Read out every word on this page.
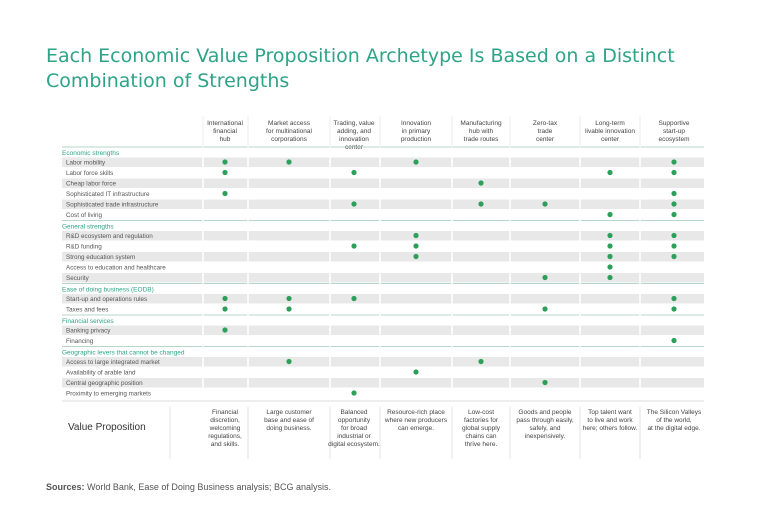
Each Economic Value Proposition Archetype Is Based on a Distinct Combination of Strengths
International financial hub
Market access for multinational corporations
Trading, value adding, and innovation center
Innovation in primary production
Manufacturing hub with trade routes
Zero-tax trade center
Long-term livable innovation center
Supportive start-up ecosystem
Economic strengths
Labor mobility
Labor force skills
Cheap labor force
Sophisticated IT infrastructure
Sophisticated trade infrastructure
Cost of living
General strengths
R&D ecosystem and regulation
R&D funding
Strong education system
Access to education and healthcare
Security
Ease of doing business (EODB)
Start-up and operations rules
Taxes and fees
Financial services
Banking privacy
Financing
Geographic levers that cannot be changed
Access to large integrated market
Availability of arable land
Central geographic position
Proximity to emerging markets
Value Proposition
Financial discretion, welcoming regulations, and skills.
Large customer base and ease of doing business.
Balanced opportunity for broad industrial or digital ecosystem.
Resource-rich place where new producers can emerge.
Low-cost factories for global supply chains can thrive here.
Goods and people pass through easily, safely, and inexpensively.
Top talent want to live and work here; others follow.
The Silicon Valleys of the world, at the digital edge.
Sources: World Bank, Ease of Doing Business analysis; BCG analysis.
